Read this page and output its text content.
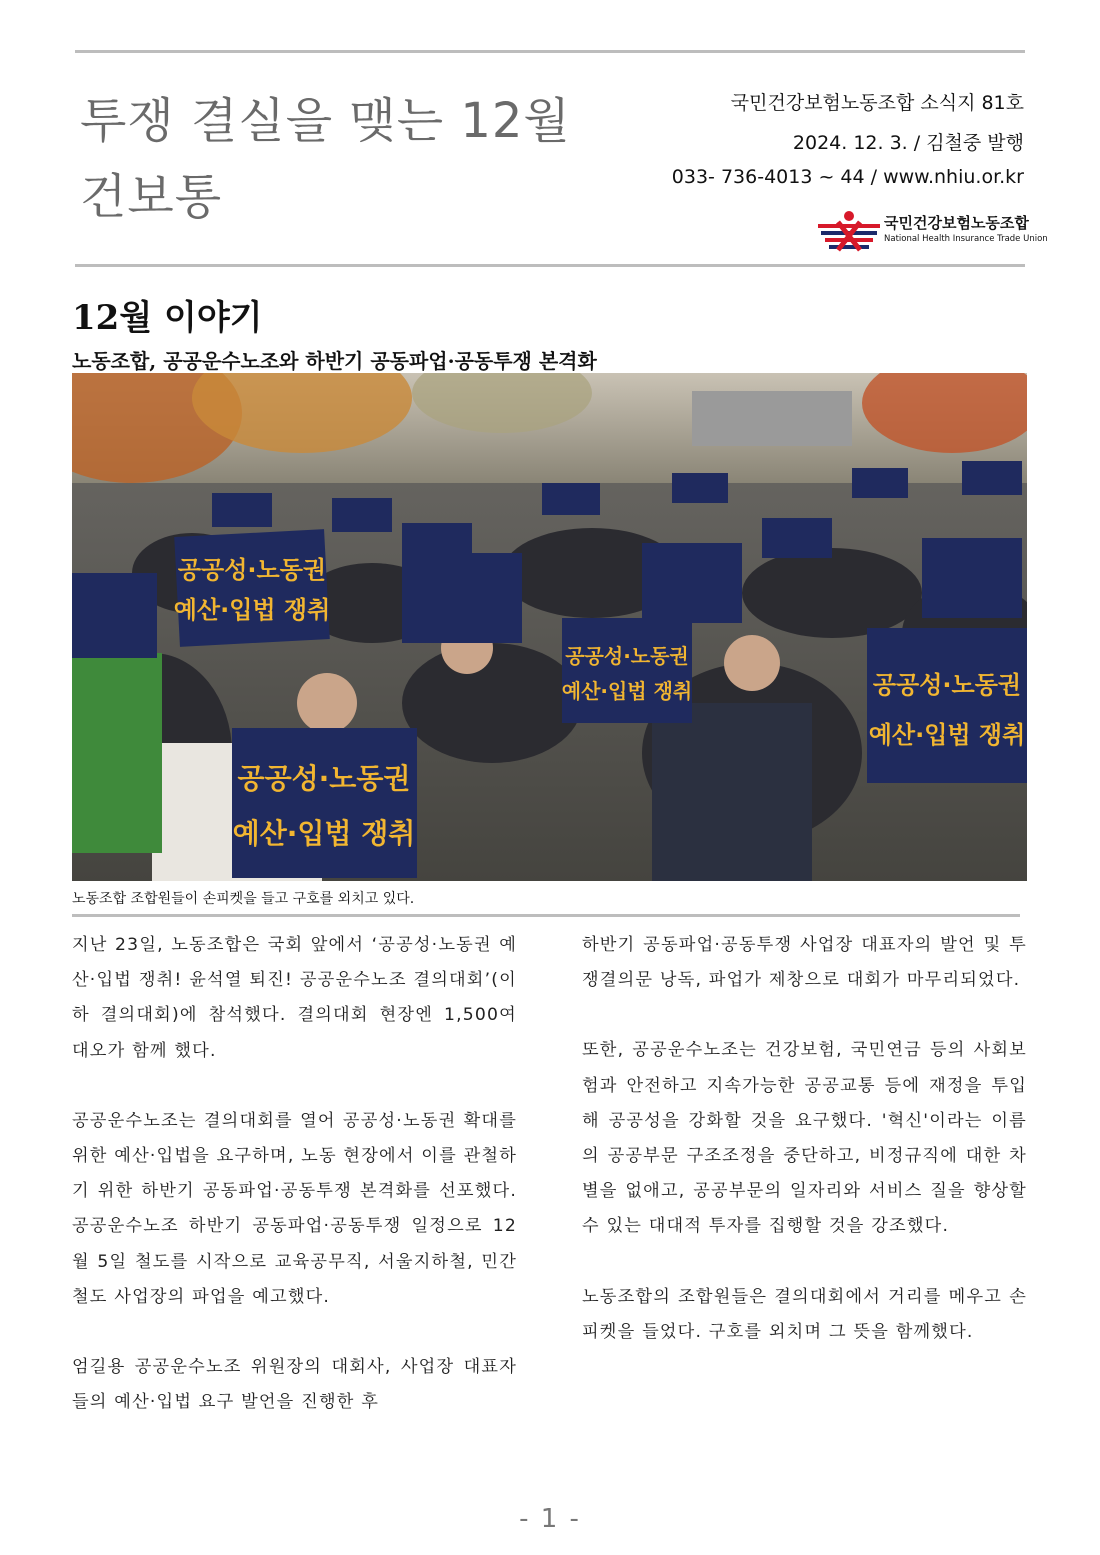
투쟁 결실을 맺는 12월
건보통
국민건강보험노동조합 소식지 81호
2024. 12. 3. / 김철중 발행
033- 736-4013 ~ 44 / www.nhiu.or.kr
국민건강보험노동조합
National Health Insurance Trade Union
12월 이야기
노동조합, 공공운수노조와 하반기 공동파업·공동투쟁 본격화
공공성·노동권
예산·입법 쟁취
공공성·노동권
예산·입법 쟁취
공공성·노동권
예산·입법 쟁취	공공성·노동권
예산·입법 쟁취
노동조합 조합원들이 손피켓을 들고 구호를 외치고 있다.

지난 23일, 노동조합은 국회 앞에서 ‘공공성·노동권 예산·입법 쟁취! 윤석열 퇴진! 공공운수노조 결의대회’(이하 결의대회)에 참석했다. 결의대회 현장엔 1,500여 대오가 함께 했다.

공공운수노조는 결의대회를 열어 공공성·노동권 확대를 위한 예산·입법을 요구하며, 노동 현장에서 이를 관철하기 위한 하반기 공동파업·공동투쟁 본격화를 선포했다. 공공운수노조 하반기 공동파업·공동투쟁 일정으로 12월 5일 철도를 시작으로 교육공무직, 서울지하철, 민간철도 사업장의 파업을 예고했다.

엄길용 공공운수노조 위원장의 대회사, 사업장 대표자들의 예산·입법 요구 발언을 진행한 후

하반기 공동파업·공동투쟁 사업장 대표자의 발언 및 투쟁결의문 낭독, 파업가 제창으로 대회가 마무리되었다.

또한, 공공운수노조는 건강보험, 국민연금 등의 사회보험과 안전하고 지속가능한 공공교통 등에 재정을 투입해 공공성을 강화할 것을 요구했다. '혁신'이라는 이름의 공공부문 구조조정을 중단하고, 비정규직에 대한 차별을 없애고, 공공부문의 일자리와 서비스 질을 향상할 수 있는 대대적 투자를 집행할 것을 강조했다.

노동조합의 조합원들은 결의대회에서 거리를 메우고 손피켓을 들었다. 구호를 외치며 그 뜻을 함께했다.

- 1 -
